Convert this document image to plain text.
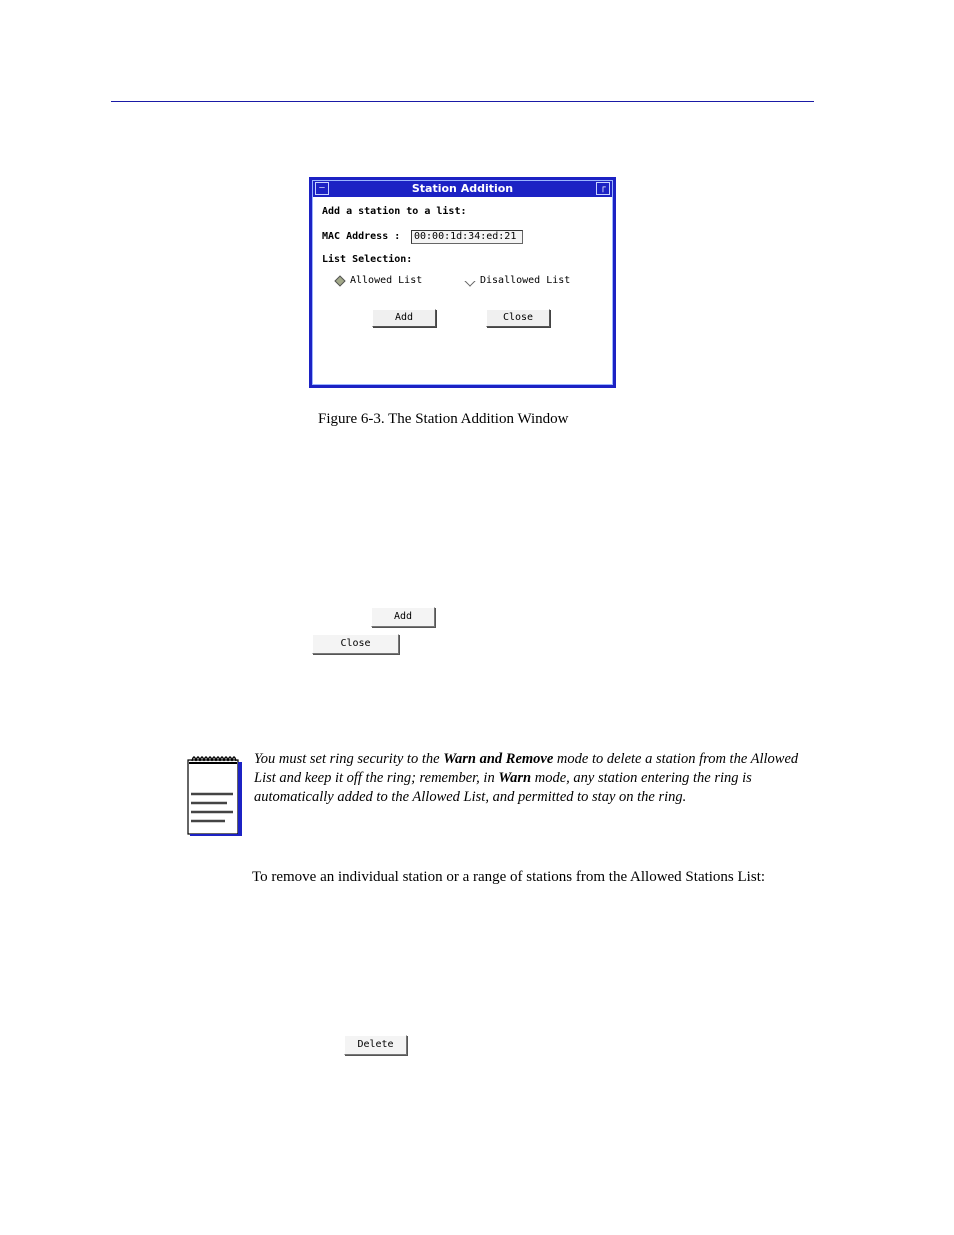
—	Station Addition	┌
Add a station to a list:
MAC Address :	00:00:1d:34:ed:21
List Selection:
Allowed List	Disallowed List
Add	Close
Figure 6-3. The Station Addition Window
Add
Close
You must set ring security to the Warn and Remove mode to delete a station from the Allowed List and keep it off the ring; remember, in Warn mode, any station entering the ring is automatically added to the Allowed List, and permitted to stay on the ring.
To remove an individual station or a range of stations from the Allowed Stations List:
Delete
